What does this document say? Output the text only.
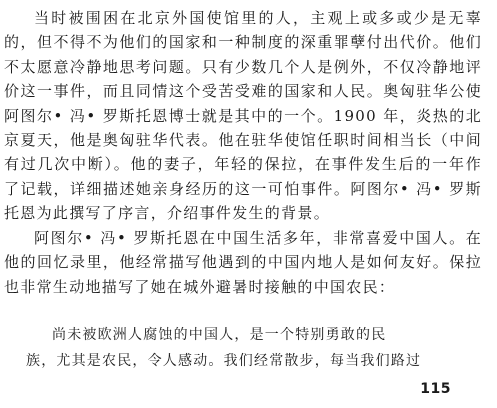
当时被围困在北京外国使馆里的人，主观上或多或少是无辜的，但不得不为他们的国家和一种制度的深重罪孽付出代价。他们不太愿意冷静地思考问题。只有少数几个人是例外，不仅冷静地评价这一事件，而且同情这个受苦受难的国家和人民。奥匈驻华公使阿图尔• 冯• 罗斯托恩博士就是其中的一个。1900 年，炎热的北京夏天，他是奥匈驻华代表。他在驻华使馆任职时间相当长（中间有过几次中断）。他的妻子，年轻的保拉，在事件发生后的一年作了记载，详细描述她亲身经历的这一可怕事件。阿图尔• 冯• 罗斯托恩为此撰写了序言，介绍事件发生的背景。

阿图尔• 冯• 罗斯托恩在中国生活多年，非常喜爱中国人。在他的回忆录里，他经常描写他遇到的中国内地人是如何友好。保拉也非常生动地描写了她在城外避暑时接触的中国农民：

尚未被欧洲人腐蚀的中国人，是一个特别勇敢的民
族，尤其是农民，令人感动。我们经常散步，每当我们路过
115
